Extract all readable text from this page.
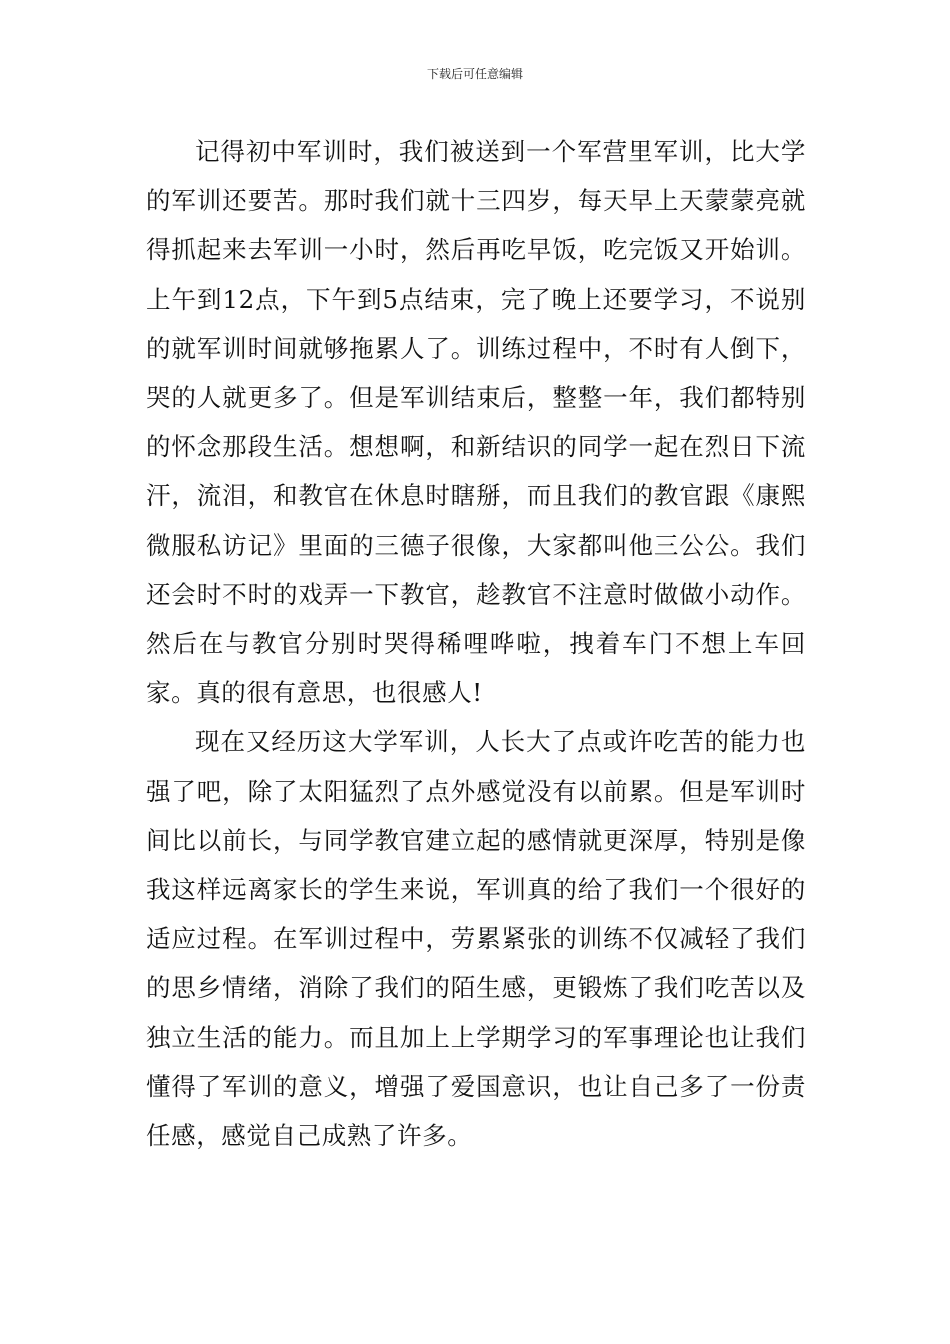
下载后可任意编辑

记得初中军训时，我们被送到一个军营里军训，比大学的军训还要苦。那时我们就十三四岁，每天早上天蒙蒙亮就得抓起来去军训一小时，然后再吃早饭，吃完饭又开始训。上午到12点，下午到5点结束，完了晚上还要学习，不说别的就军训时间就够拖累人了。训练过程中，不时有人倒下，哭的人就更多了。但是军训结束后，整整一年，我们都特别的怀念那段生活。想想啊，和新结识的同学一起在烈日下流汗，流泪，和教官在休息时瞎掰，而且我们的教官跟《康熙微服私访记》里面的三德子很像，大家都叫他三公公。我们还会时不时的戏弄一下教官，趁教官不注意时做做小动作。然后在与教官分别时哭得稀哩哗啦，拽着车门不想上车回家。真的很有意思，也很感人!

现在又经历这大学军训，人长大了点或许吃苦的能力也强了吧，除了太阳猛烈了点外感觉没有以前累。但是军训时间比以前长，与同学教官建立起的感情就更深厚，特别是像我这样远离家长的学生来说，军训真的给了我们一个很好的适应过程。在军训过程中，劳累紧张的训练不仅减轻了我们的思乡情绪，消除了我们的陌生感，更锻炼了我们吃苦以及独立生活的能力。而且加上上学期学习的军事理论也让我们懂得了军训的意义，增强了爱国意识，也让自己多了一份责任感，感觉自己成熟了许多。
